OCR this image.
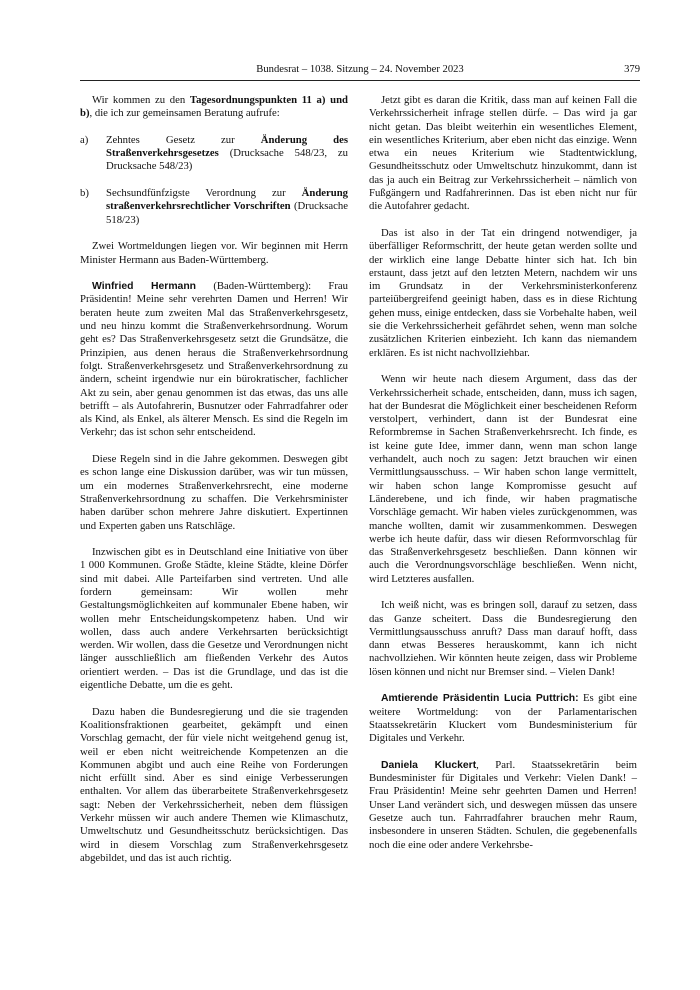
Bundesrat – 1038. Sitzung – 24. November 2023	379

Wir kommen zu den Tagesordnungspunkten 11 a) und b), die ich zur gemeinsamen Beratung aufrufe:

a)	Zehntes Gesetz zur Änderung des Straßenverkehrsgesetzes (Drucksache 548/23, zu Drucksache 548/23)
b)	Sechsundfünfzigste Verordnung zur Änderung straßenverkehrsrechtlicher Vorschriften (Drucksache 518/23)

Zwei Wortmeldungen liegen vor. Wir beginnen mit Herrn Minister Hermann aus Baden-Württemberg.

Winfried Hermann (Baden-Württemberg): Frau Präsidentin! Meine sehr verehrten Damen und Herren! Wir beraten heute zum zweiten Mal das Straßenverkehrsgesetz, und neu hinzu kommt die Straßenverkehrsordnung. Worum geht es? Das Straßenverkehrsgesetz setzt die Grundsätze, die Prinzipien, aus denen heraus die Straßenverkehrsordnung folgt. Straßenverkehrsgesetz und Straßenverkehrsordnung zu ändern, scheint irgendwie nur ein bürokratischer, fachlicher Akt zu sein, aber genau genommen ist das etwas, das uns alle betrifft – als Autofahrerin, Busnutzer oder Fahrradfahrer oder als Kind, als Enkel, als älterer Mensch. Es sind die Regeln im Verkehr; das ist schon sehr entscheidend.

Diese Regeln sind in die Jahre gekommen. Deswegen gibt es schon lange eine Diskussion darüber, was wir tun müssen, um ein modernes Straßenverkehrsrecht, eine moderne Straßenverkehrsordnung zu schaffen. Die Verkehrsminister haben darüber schon mehrere Jahre diskutiert. Expertinnen und Experten gaben uns Ratschläge.

Inzwischen gibt es in Deutschland eine Initiative von über 1 000 Kommunen. Große Städte, kleine Städte, kleine Dörfer sind mit dabei. Alle Parteifarben sind vertreten. Und alle fordern gemeinsam: Wir wollen mehr Gestaltungsmöglichkeiten auf kommunaler Ebene haben, wir wollen mehr Entscheidungskompetenz haben. Und wir wollen, dass auch andere Verkehrsarten berücksichtigt werden. Wir wollen, dass die Gesetze und Verordnungen nicht länger ausschließlich am fließenden Verkehr des Autos orientiert werden. – Das ist die Grundlage, und das ist die eigentliche Debatte, um die es geht.

Dazu haben die Bundesregierung und die sie tragenden Koalitionsfraktionen gearbeitet, gekämpft und einen Vorschlag gemacht, der für viele nicht weitgehend genug ist, weil er eben nicht weitreichende Kompetenzen an die Kommunen abgibt und auch eine Reihe von Forderungen nicht erfüllt sind. Aber es sind einige Verbesserungen enthalten. Vor allem das überarbeitete Straßenverkehrsgesetz sagt: Neben der Verkehrssicherheit, neben dem flüssigen Verkehr müssen wir auch andere Themen wie Klimaschutz, Umweltschutz und Gesundheitsschutz berücksichtigen. Das wird in diesem Vorschlag zum Straßenverkehrsgesetz abgebildet, und das ist auch richtig.

Jetzt gibt es daran die Kritik, dass man auf keinen Fall die Verkehrssicherheit infrage stellen dürfe. – Das wird ja gar nicht getan. Das bleibt weiterhin ein wesentliches Element, ein wesentliches Kriterium, aber eben nicht das einzige. Wenn etwa ein neues Kriterium wie Stadtentwicklung, Gesundheitsschutz oder Umweltschutz hinzukommt, dann ist das ja auch ein Beitrag zur Verkehrssicherheit – nämlich von Fußgängern und Radfahrerinnen. Das ist eben nicht nur für die Autofahrer gedacht.

Das ist also in der Tat ein dringend notwendiger, ja überfälliger Reformschritt, der heute getan werden sollte und der wirklich eine lange Debatte hinter sich hat. Ich bin erstaunt, dass jetzt auf den letzten Metern, nachdem wir uns im Grundsatz in der Verkehrsministerkonferenz parteiübergreifend geeinigt haben, dass es in diese Richtung gehen muss, einige entdecken, dass sie Vorbehalte haben, weil sie die Verkehrssicherheit gefährdet sehen, wenn man solche zusätzlichen Kriterien einbezieht. Ich kann das niemandem erklären. Es ist nicht nachvollziehbar.

Wenn wir heute nach diesem Argument, dass das der Verkehrssicherheit schade, entscheiden, dann, muss ich sagen, hat der Bundesrat die Möglichkeit einer bescheidenen Reform verstolpert, verhindert, dann ist der Bundesrat eine Reformbremse in Sachen Straßenverkehrsrecht. Ich finde, es ist keine gute Idee, immer dann, wenn man schon lange verhandelt, auch noch zu sagen: Jetzt brauchen wir einen Vermittlungsausschuss. – Wir haben schon lange vermittelt, wir haben schon lange Kompromisse gesucht auf Länderebene, und ich finde, wir haben pragmatische Vorschläge gemacht. Wir haben vieles zurückgenommen, was manche wollten, damit wir zusammenkommen. Deswegen werbe ich heute dafür, dass wir diesen Reformvorschlag für das Straßenverkehrsgesetz beschließen. Dann können wir auch die Verordnungsvorschläge beschließen. Wenn nicht, wird Letzteres ausfallen.

Ich weiß nicht, was es bringen soll, darauf zu setzen, dass das Ganze scheitert. Dass die Bundesregierung den Vermittlungsausschuss anruft? Dass man darauf hofft, dass dann etwas Besseres herauskommt, kann ich nicht nachvollziehen. Wir könnten heute zeigen, dass wir Probleme lösen können und nicht nur Bremser sind. – Vielen Dank!

Amtierende Präsidentin Lucia Puttrich: Es gibt eine weitere Wortmeldung: von der Parlamentarischen Staatssekretärin Kluckert vom Bundesministerium für Digitales und Verkehr.

Daniela Kluckert, Parl. Staatssekretärin beim Bundesminister für Digitales und Verkehr: Vielen Dank! – Frau Präsidentin! Meine sehr geehrten Damen und Herren! Unser Land verändert sich, und deswegen müssen das unsere Gesetze auch tun. Fahrradfahrer brauchen mehr Raum, insbesondere in unseren Städten. Schulen, die gegebenenfalls noch die eine oder andere Verkehrsbe-
